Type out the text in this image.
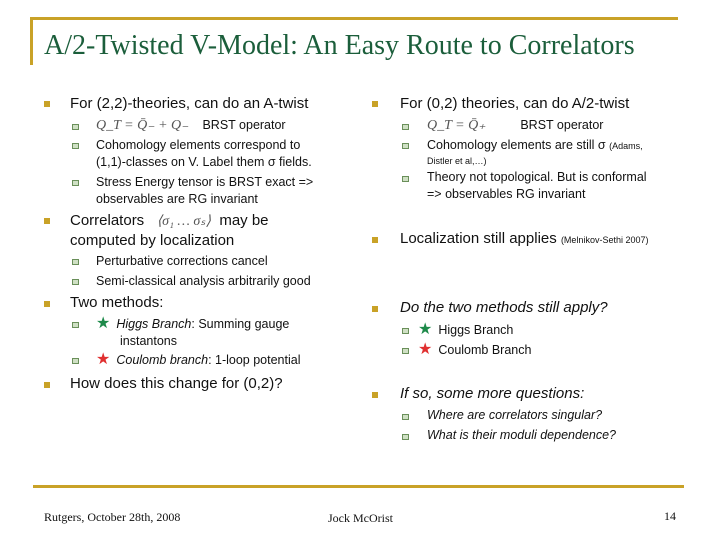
A/2-Twisted V-Model: An Easy Route to Correlators
For (2,2)-theories, can do an A-twist
Q_T = Q̄₋ + Q₋ BRST operator
Cohomology elements correspond to
(1,1)-classes on V. Label them σ fields.
Stress Energy tensor is BRST exact =>
observables are RG invariant
Correlators ⟨σ₁ … σₛ⟩ may be
computed by localization
Perturbative corrections cancel
Semi-classical analysis arbitrarily good
Two methods:
★ Higgs Branch: Summing gauge
instantons
★ Coulomb branch: 1-loop potential
How does this change for (0,2)?
For (0,2) theories, can do A/2-twist
Q_T = Q̄₊	BRST operator
Cohomology elements are still σ (Adams,
Distler et al,…)
Theory not topological. But is conformal
=> observables RG invariant
Localization still applies (Melnikov-Sethi 2007)
Do the two methods still apply?
★ Higgs Branch
★ Coulomb Branch
If so, some more questions:
Where are correlators singular?
What is their moduli dependence?
Rutgers, October 28th, 2008	Jock McOrist	14
